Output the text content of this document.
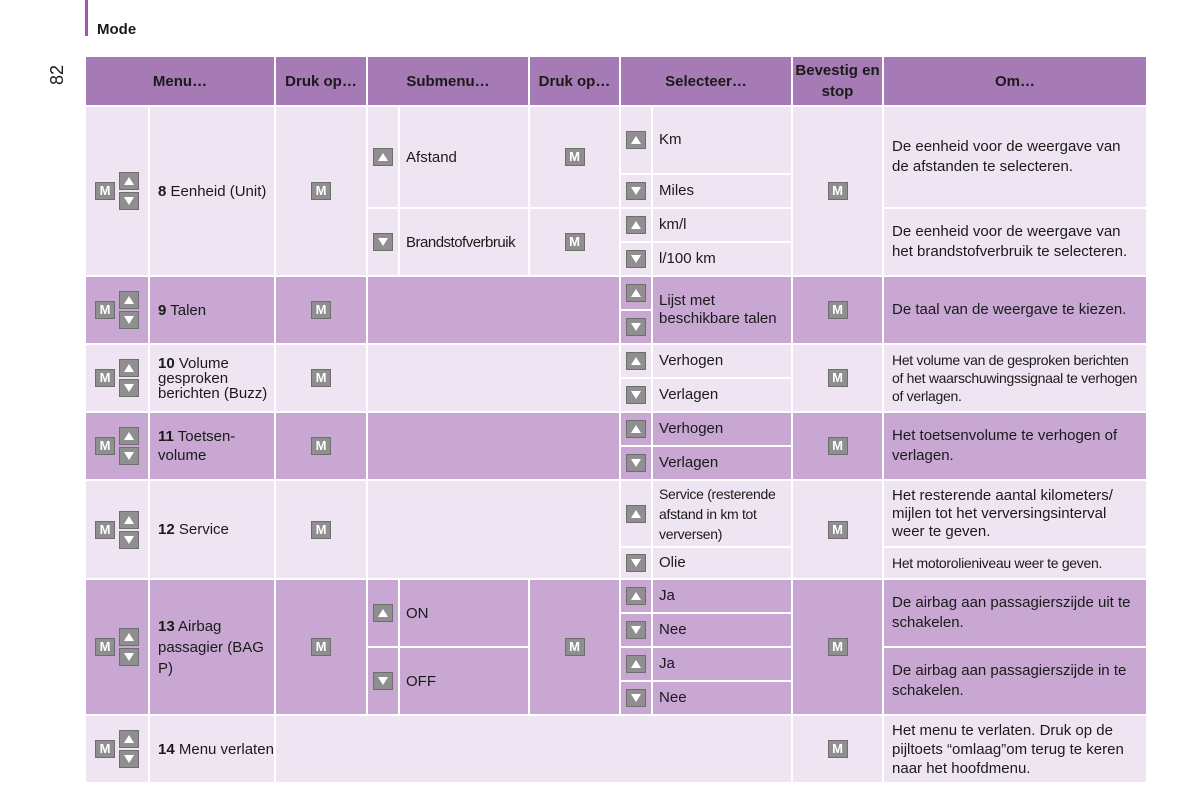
Mode
82	Menu…		Druk op…	Submenu…		Druk op…	Selecteer…		Bevestig en stop	Om…

M	8 Eenheid (Unit)	M		Afstand	M		Km	M	De eenheid voor de weergave van de afstanden te selecteren.
							Miles		
				Brandstofverbruik	M		km/l		De eenheid voor de weergave van het brandstofverbruik te selecteren.
							l/100 km		

M	9 Talen	M					Lijst met beschikbare talen	M	De taal van de weergave te kiezen.

M	10 Volume gesproken berichten (Buzz)	M					Verhogen	M	Het volume van de gesproken berichten of het waarschuwingssignaal te verhogen of verlagen.
							Verlagen		

M	11 Toetsen-volume	M					Verhogen	M	Het toetsenvolume te verhogen of verlagen.
							Verlagen		

M	12 Service	M					Service (resterende afstand in km tot verversen)	M	Het resterende aantal kilometers/ mijlen tot het verversingsinterval weer te geven.
							Olie		Het motorolieniveau weer te geven.

M	13 Airbag passagier (BAG P)	M		ON	M		Ja	M	De airbag aan passagierszijde uit te schakelen.
							Nee		
				OFF			Ja		De airbag aan passagierszijde in te schakelen.
							Nee		

M	14 Menu verlaten							M	Het menu te verlaten. Druk op de pijltoets “omlaag”om terug te keren naar het hoofdmenu.
